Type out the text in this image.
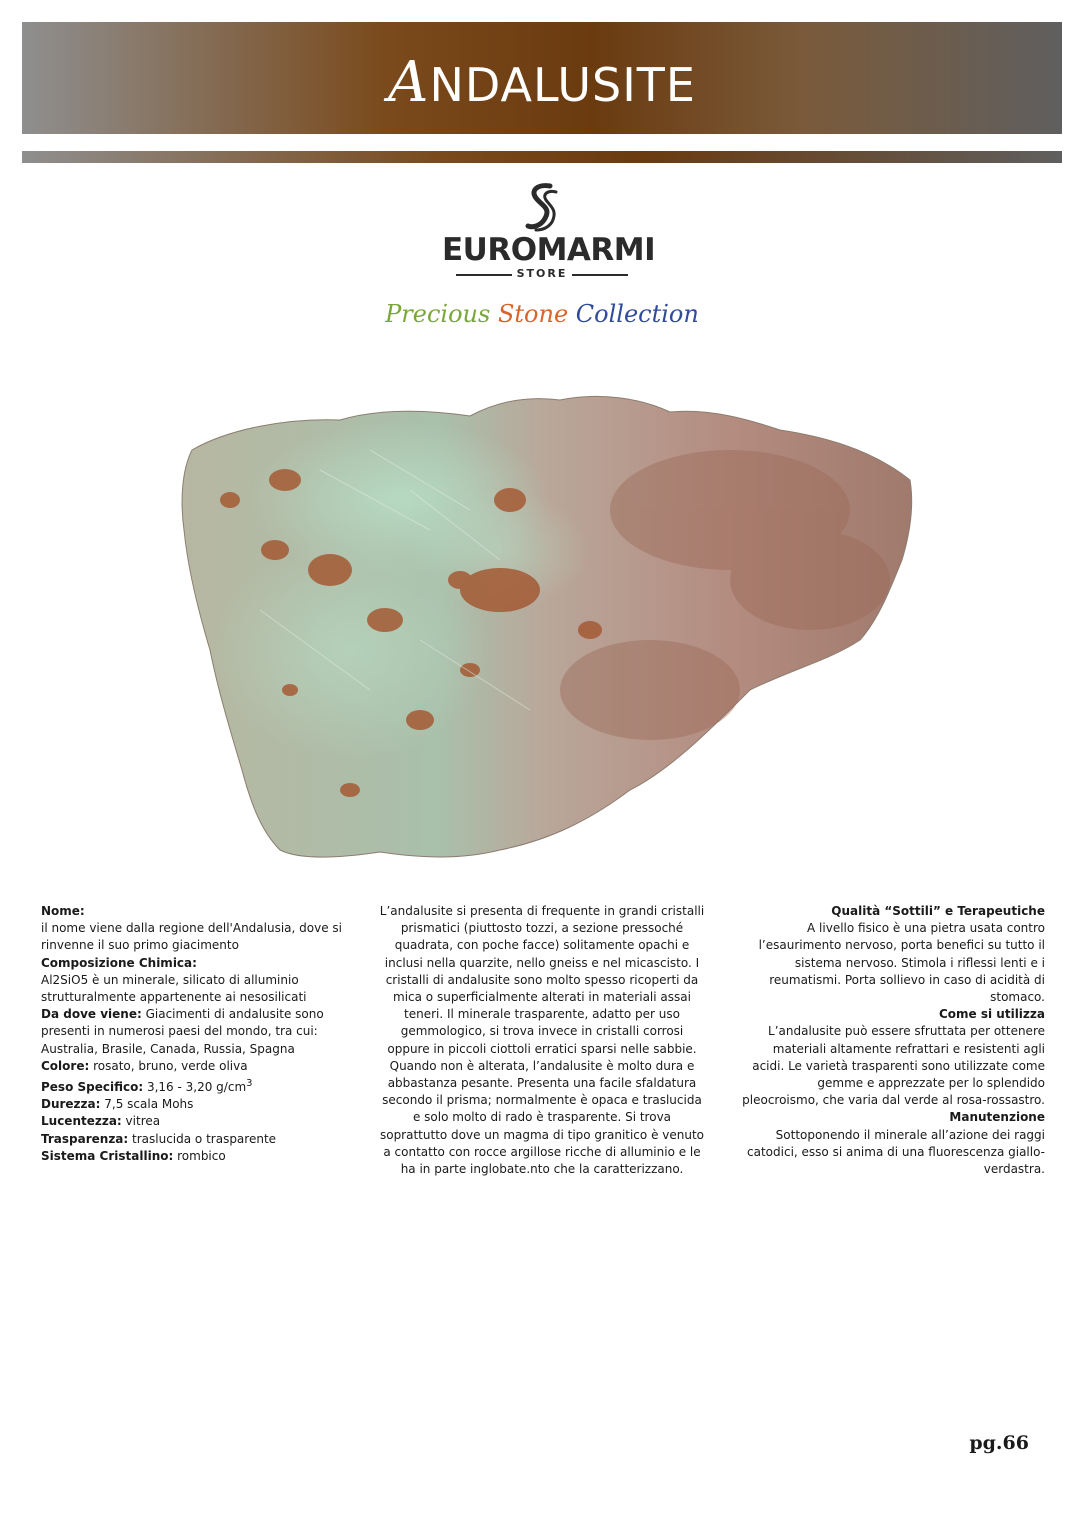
ANDALUSITE
EUROMARMI
STORE
Precious Stone Collection

Nome:

il nome viene dalla regione dell'Andalusia, dove si rinvenne il suo primo giacimento

Composizione Chimica:

Al2SiO5 è un minerale, silicato di alluminio strutturalmente appartenente ai nesosilicati

Da dove viene: Giacimenti di andalusite sono presenti in numerosi paesi del mondo, tra cui: Australia, Brasile, Canada, Russia, Spagna

Colore: rosato, bruno, verde oliva

Peso Specifico: 3,16 - 3,20 $g/cm^3$

Durezza: 7,5 scala Mohs

Lucentezza: vitrea

Trasparenza: traslucida o trasparente

Sistema Cristallino: rombico

L’andalusite si presenta di frequente in grandi cristalli prismatici (piuttosto tozzi, a sezione pressoché quadrata, con poche facce) solitamente opachi e inclusi nella quarzite, nello gneiss e nel micascisto. I cristalli di andalusite sono molto spesso ricoperti da mica o superficialmente alterati in materiali assai teneri. Il minerale trasparente, adatto per uso gemmologico, si trova invece in cristalli corrosi oppure in piccoli ciottoli erratici sparsi nelle sabbie. Quando non è alterata, l’andalusite è molto dura e abbastanza pesante. Presenta una facile sfaldatura secondo il prisma; normalmente è opaca e traslucida e solo molto di rado è trasparente. Si trova soprattutto dove un magma di tipo granitico è venuto a contatto con rocce argillose ricche di alluminio e le ha in parte inglobate.nto che la caratterizzano.

Qualità “Sottili” e Terapeutiche

A livello fisico è una pietra usata contro l’esaurimento nervoso, porta benefici su tutto il sistema nervoso. Stimola i riflessi lenti e i reumatismi. Porta sollievo in caso di acidità di stomaco.

Come si utilizza

L’andalusite può essere sfruttata per ottenere materiali altamente refrattari e resistenti agli acidi. Le varietà trasparenti sono utilizzate come gemme e apprezzate per lo splendido pleocroismo, che varia dal verde al rosa-rossastro.

Manutenzione

Sottoponendo il minerale all’azione dei raggi catodici, esso si anima di una fluorescenza giallo-verdastra.

pg.66
